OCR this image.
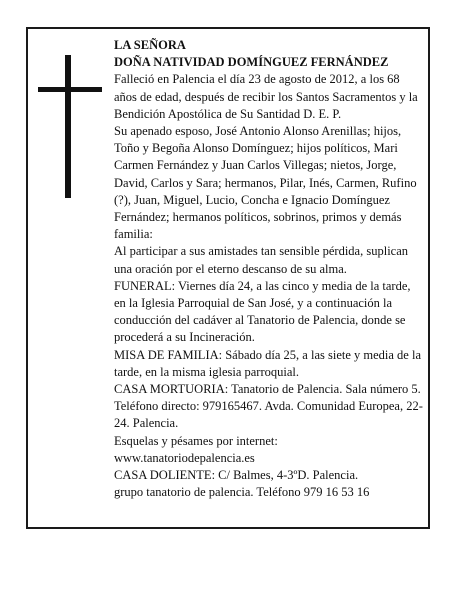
LA SEÑORA

DOÑA NATIVIDAD DOMÍNGUEZ FERNÁNDEZ

Falleció en Palencia el día 23 de agosto de 2012, a los 68 años de edad, después de recibir los Santos Sacramentos y la Bendición Apostólica de Su Santidad D. E. P.

Su apenado esposo, José Antonio Alonso Arenillas; hijos, Toño y Begoña Alonso Domínguez; hijos políticos, Mari Carmen Fernández y Juan Carlos Villegas; nietos, Jorge, David, Carlos y Sara; hermanos, Pilar, Inés, Carmen, Rufino (?), Juan, Miguel, Lucio, Concha e Ignacio Domínguez Fernández; hermanos políticos, sobrinos, primos y demás familia:

Al participar a sus amistades tan sensible pérdida, suplican una oración por el eterno descanso de su alma.

FUNERAL: Viernes día 24, a las cinco y media de la tarde, en la Iglesia Parroquial de San José, y a continuación la conducción del cadáver al Tanatorio de Palencia, donde se procederá a su Incineración.

MISA DE FAMILIA: Sábado día 25, a las siete y media de la tarde, en la misma iglesia parroquial.

CASA MORTUORIA: Tanatorio de Palencia. Sala número 5. Teléfono directo: 979165467. Avda. Comunidad Europea, 22-24. Palencia.

Esquelas y pésames por internet:

www.tanatoriodepalencia.es

CASA DOLIENTE: C/ Balmes, 4-3ºD. Palencia.

grupo tanatorio de palencia. Teléfono 979 16 53 16
